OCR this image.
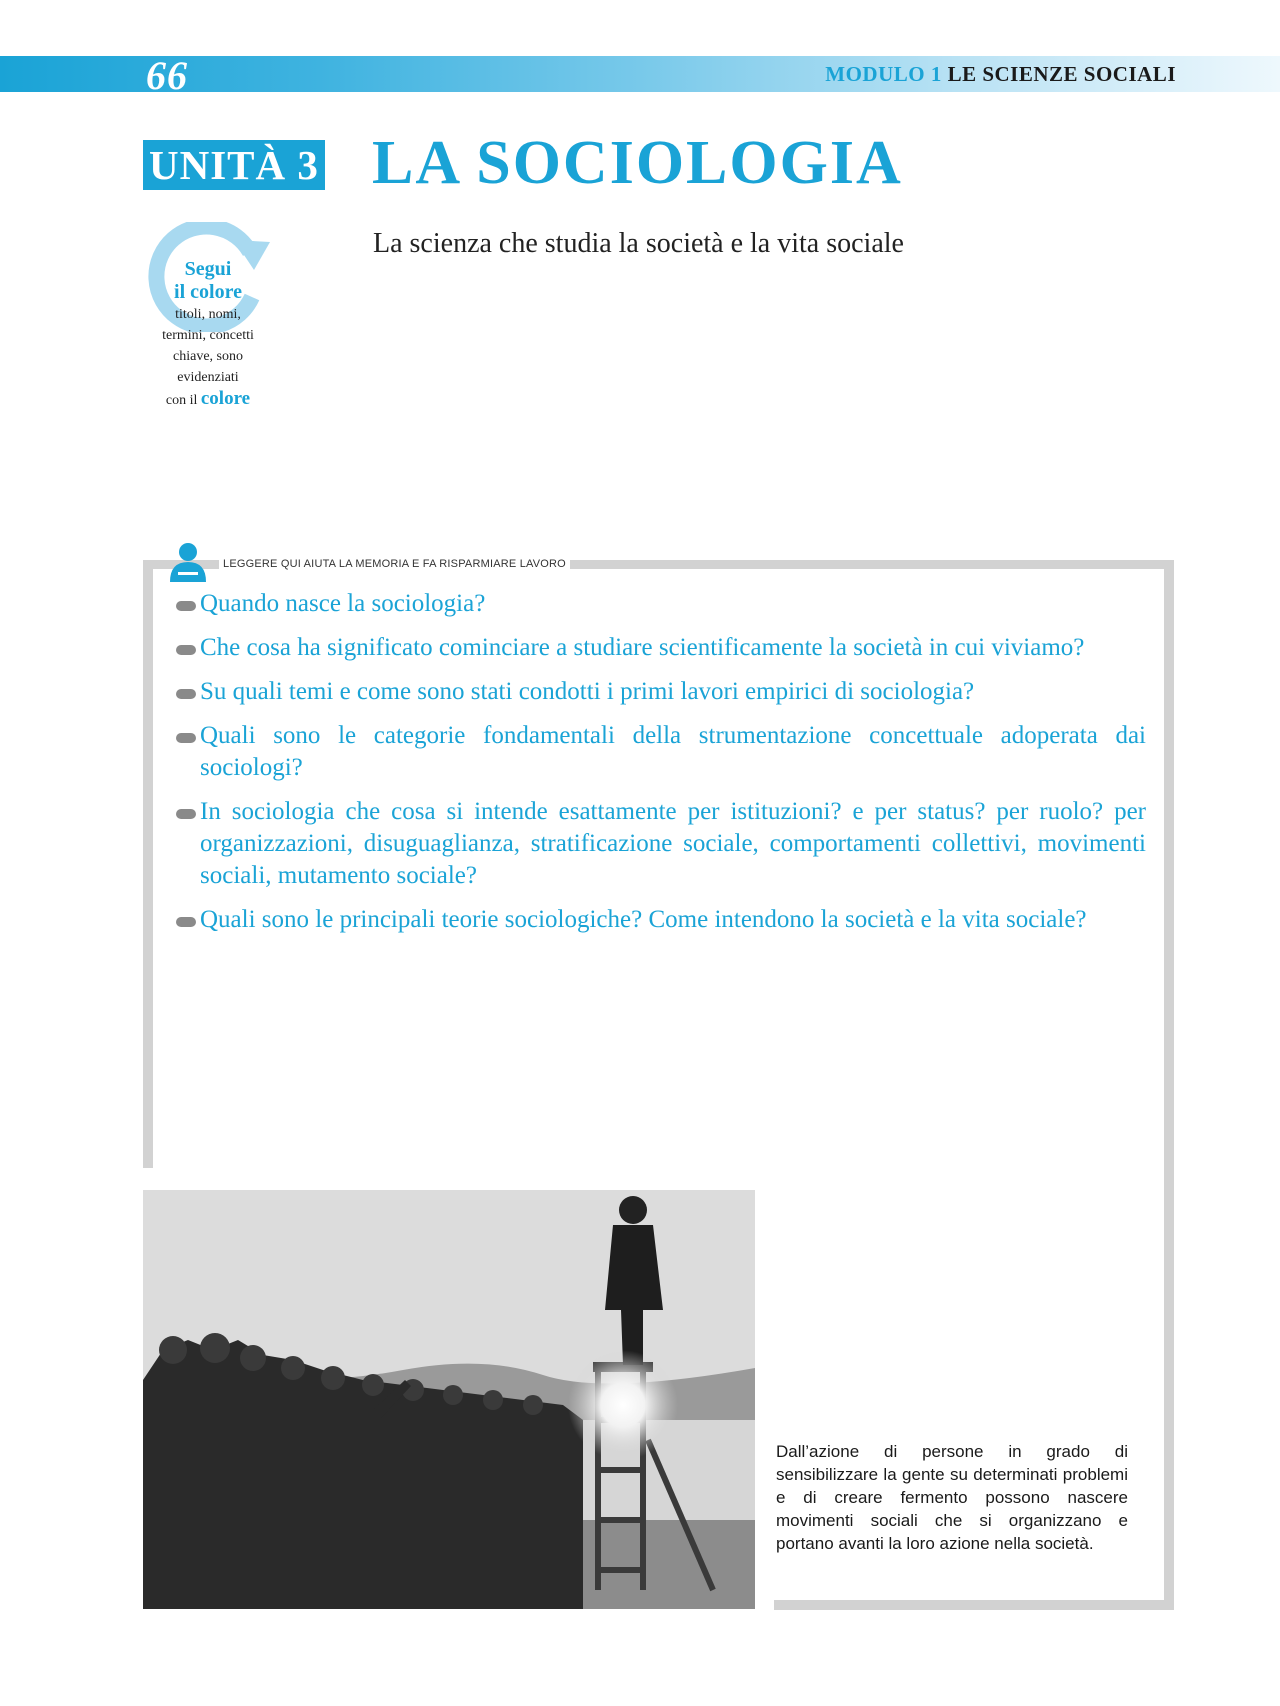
66	MODULO 1 LE SCIENZE SOCIALI
UNITÀ 3 LA SOCIOLOGIA
La scienza che studia la società e la vita sociale
Segui
il colore
titoli, nomi,
termini, concetti
chiave, sono
evidenziati
con il colore
LEGGERE QUI AIUTA LA MEMORIA E FA RISPARMIARE LAVORO
Quando nasce la sociologia?
Che cosa ha significato cominciare a studiare scientificamente la società in cui viviamo?
Su quali temi e come sono stati condotti i primi lavori empirici di sociologia?
Quali sono le categorie fondamentali della strumentazione concettuale adoperata dai sociologi?
In sociologia che cosa si intende esattamente per istituzioni? e per status? per ruolo? per organizzazioni, disuguaglianza, stratificazione sociale, comportamenti collettivi, movimenti sociali, mutamento sociale?
Quali sono le principali teorie sociologiche? Come intendono la società e la vita sociale?
Dall’azione di persone in grado di sensibilizzare la gente su determinati problemi e di creare fermento possono nascere movimenti sociali che si organizzano e portano avanti la loro azione nella società.
